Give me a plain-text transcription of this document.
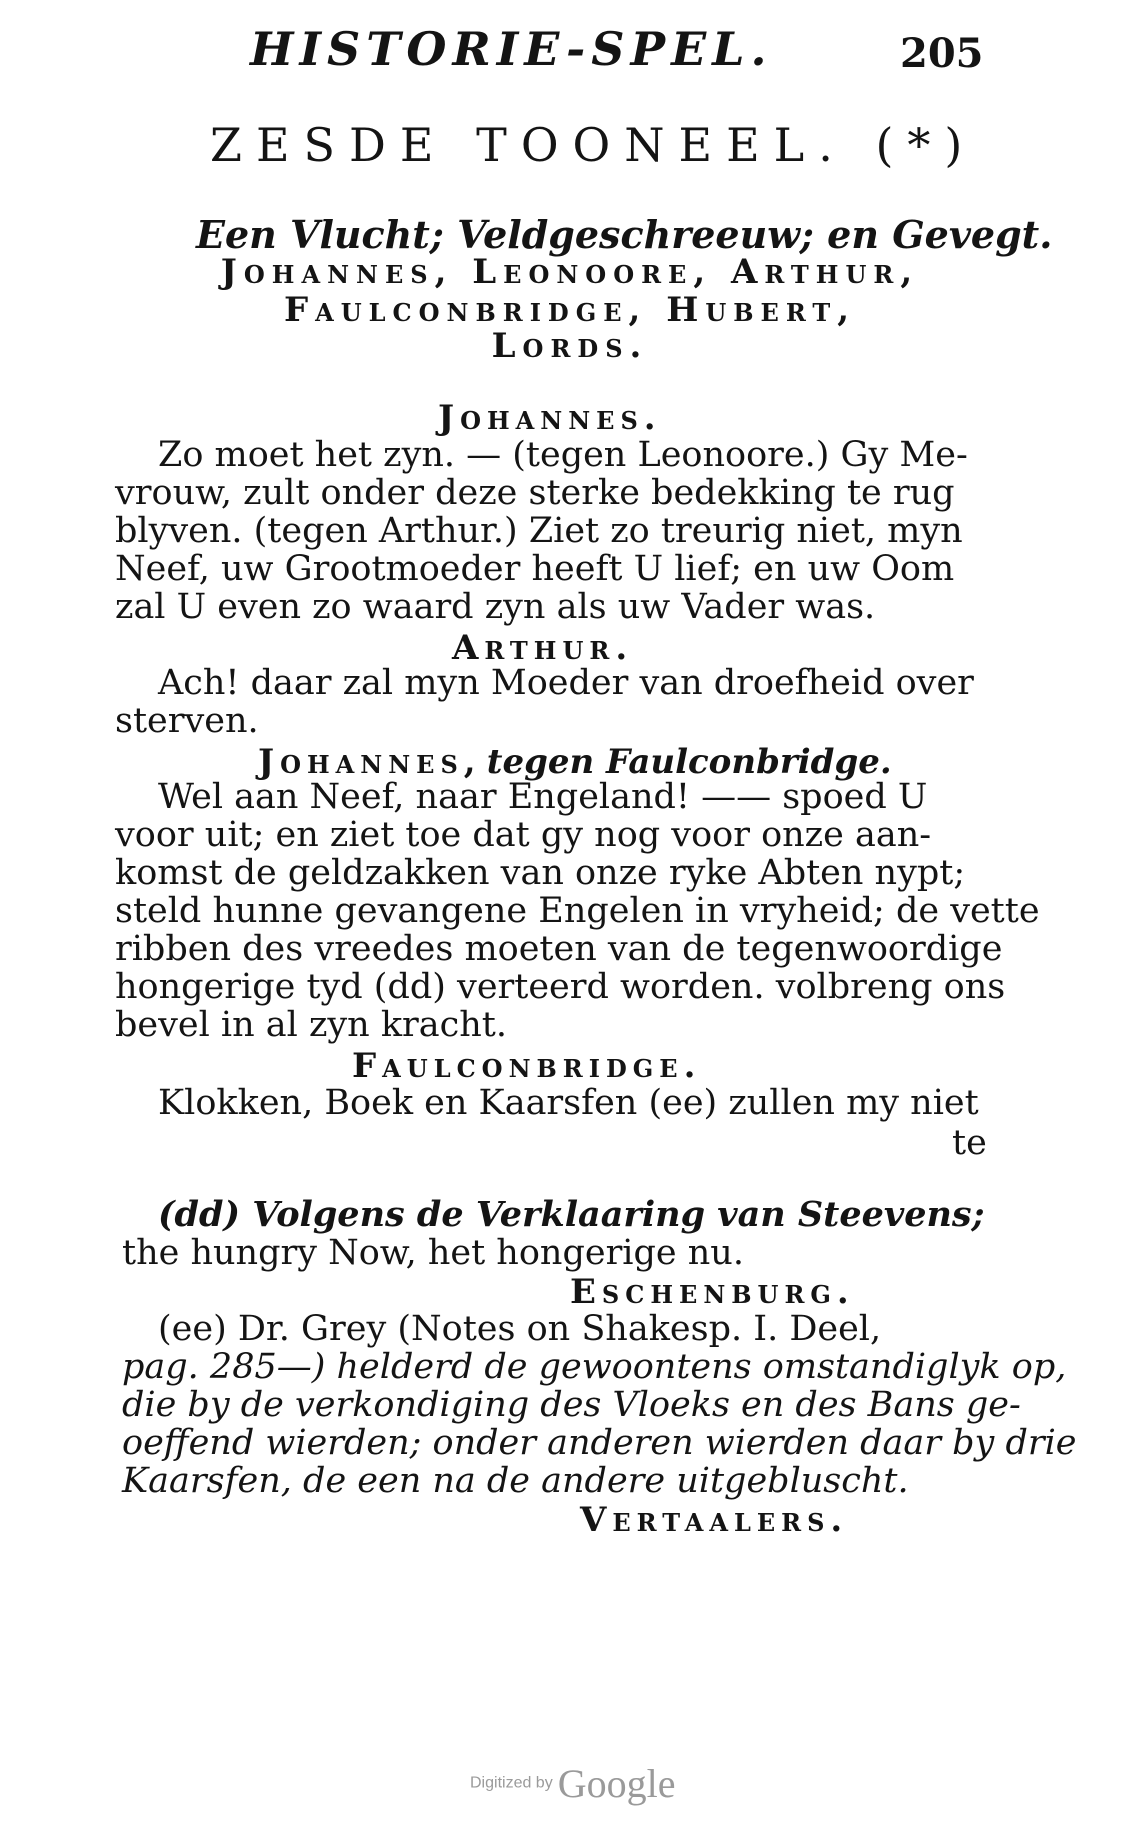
HISTORIE-SPEL.	205
ZESDE TOONEEL. (*)
Een Vlucht; Veldgeschreeuw; en Gevegt.
Johannes, Leonoore, Arthur,
Faulconbridge, Hubert,
Lords.
Johannes.
Zo moet het zyn. — (tegen Leonoore.) Gy Me-
vrouw, zult onder deze sterke bedekking te rug
blyven. (tegen Arthur.) Ziet zo treurig niet, myn
Neef, uw Grootmoeder heeft U lief; en uw Oom
zal U even zo waard zyn als uw Vader was.
Arthur.
Ach! daar zal myn Moeder van droefheid over
sterven.
Johannes, tegen Faulconbridge.
Wel aan Neef, naar Engeland! —— spoed U
voor uit; en ziet toe dat gy nog voor onze aan-
komst de geldzakken van onze ryke Abten nypt;
steld hunne gevangene Engelen in vryheid; de vette
ribben des vreedes moeten van de tegenwoordige
hongerige tyd (dd) verteerd worden. volbreng ons
bevel in al zyn kracht.
Faulconbridge.
Klokken, Boek en Kaarsfen (ee) zullen my niet
te
(dd) Volgens de Verklaaring van Steevens;
the hungry Now, het hongerige nu.
Eschenburg.
(ee) Dr. Grey (Notes on Shakesp. I. Deel,
pag. 285—) helderd de gewoontens omstandiglyk op,
die by de verkondiging des Vloeks en des Bans ge-
oeffend wierden; onder anderen wierden daar by drie
Kaarsfen, de een na de andere uitgebluscht.
Vertaalers.
Digitized by Google
